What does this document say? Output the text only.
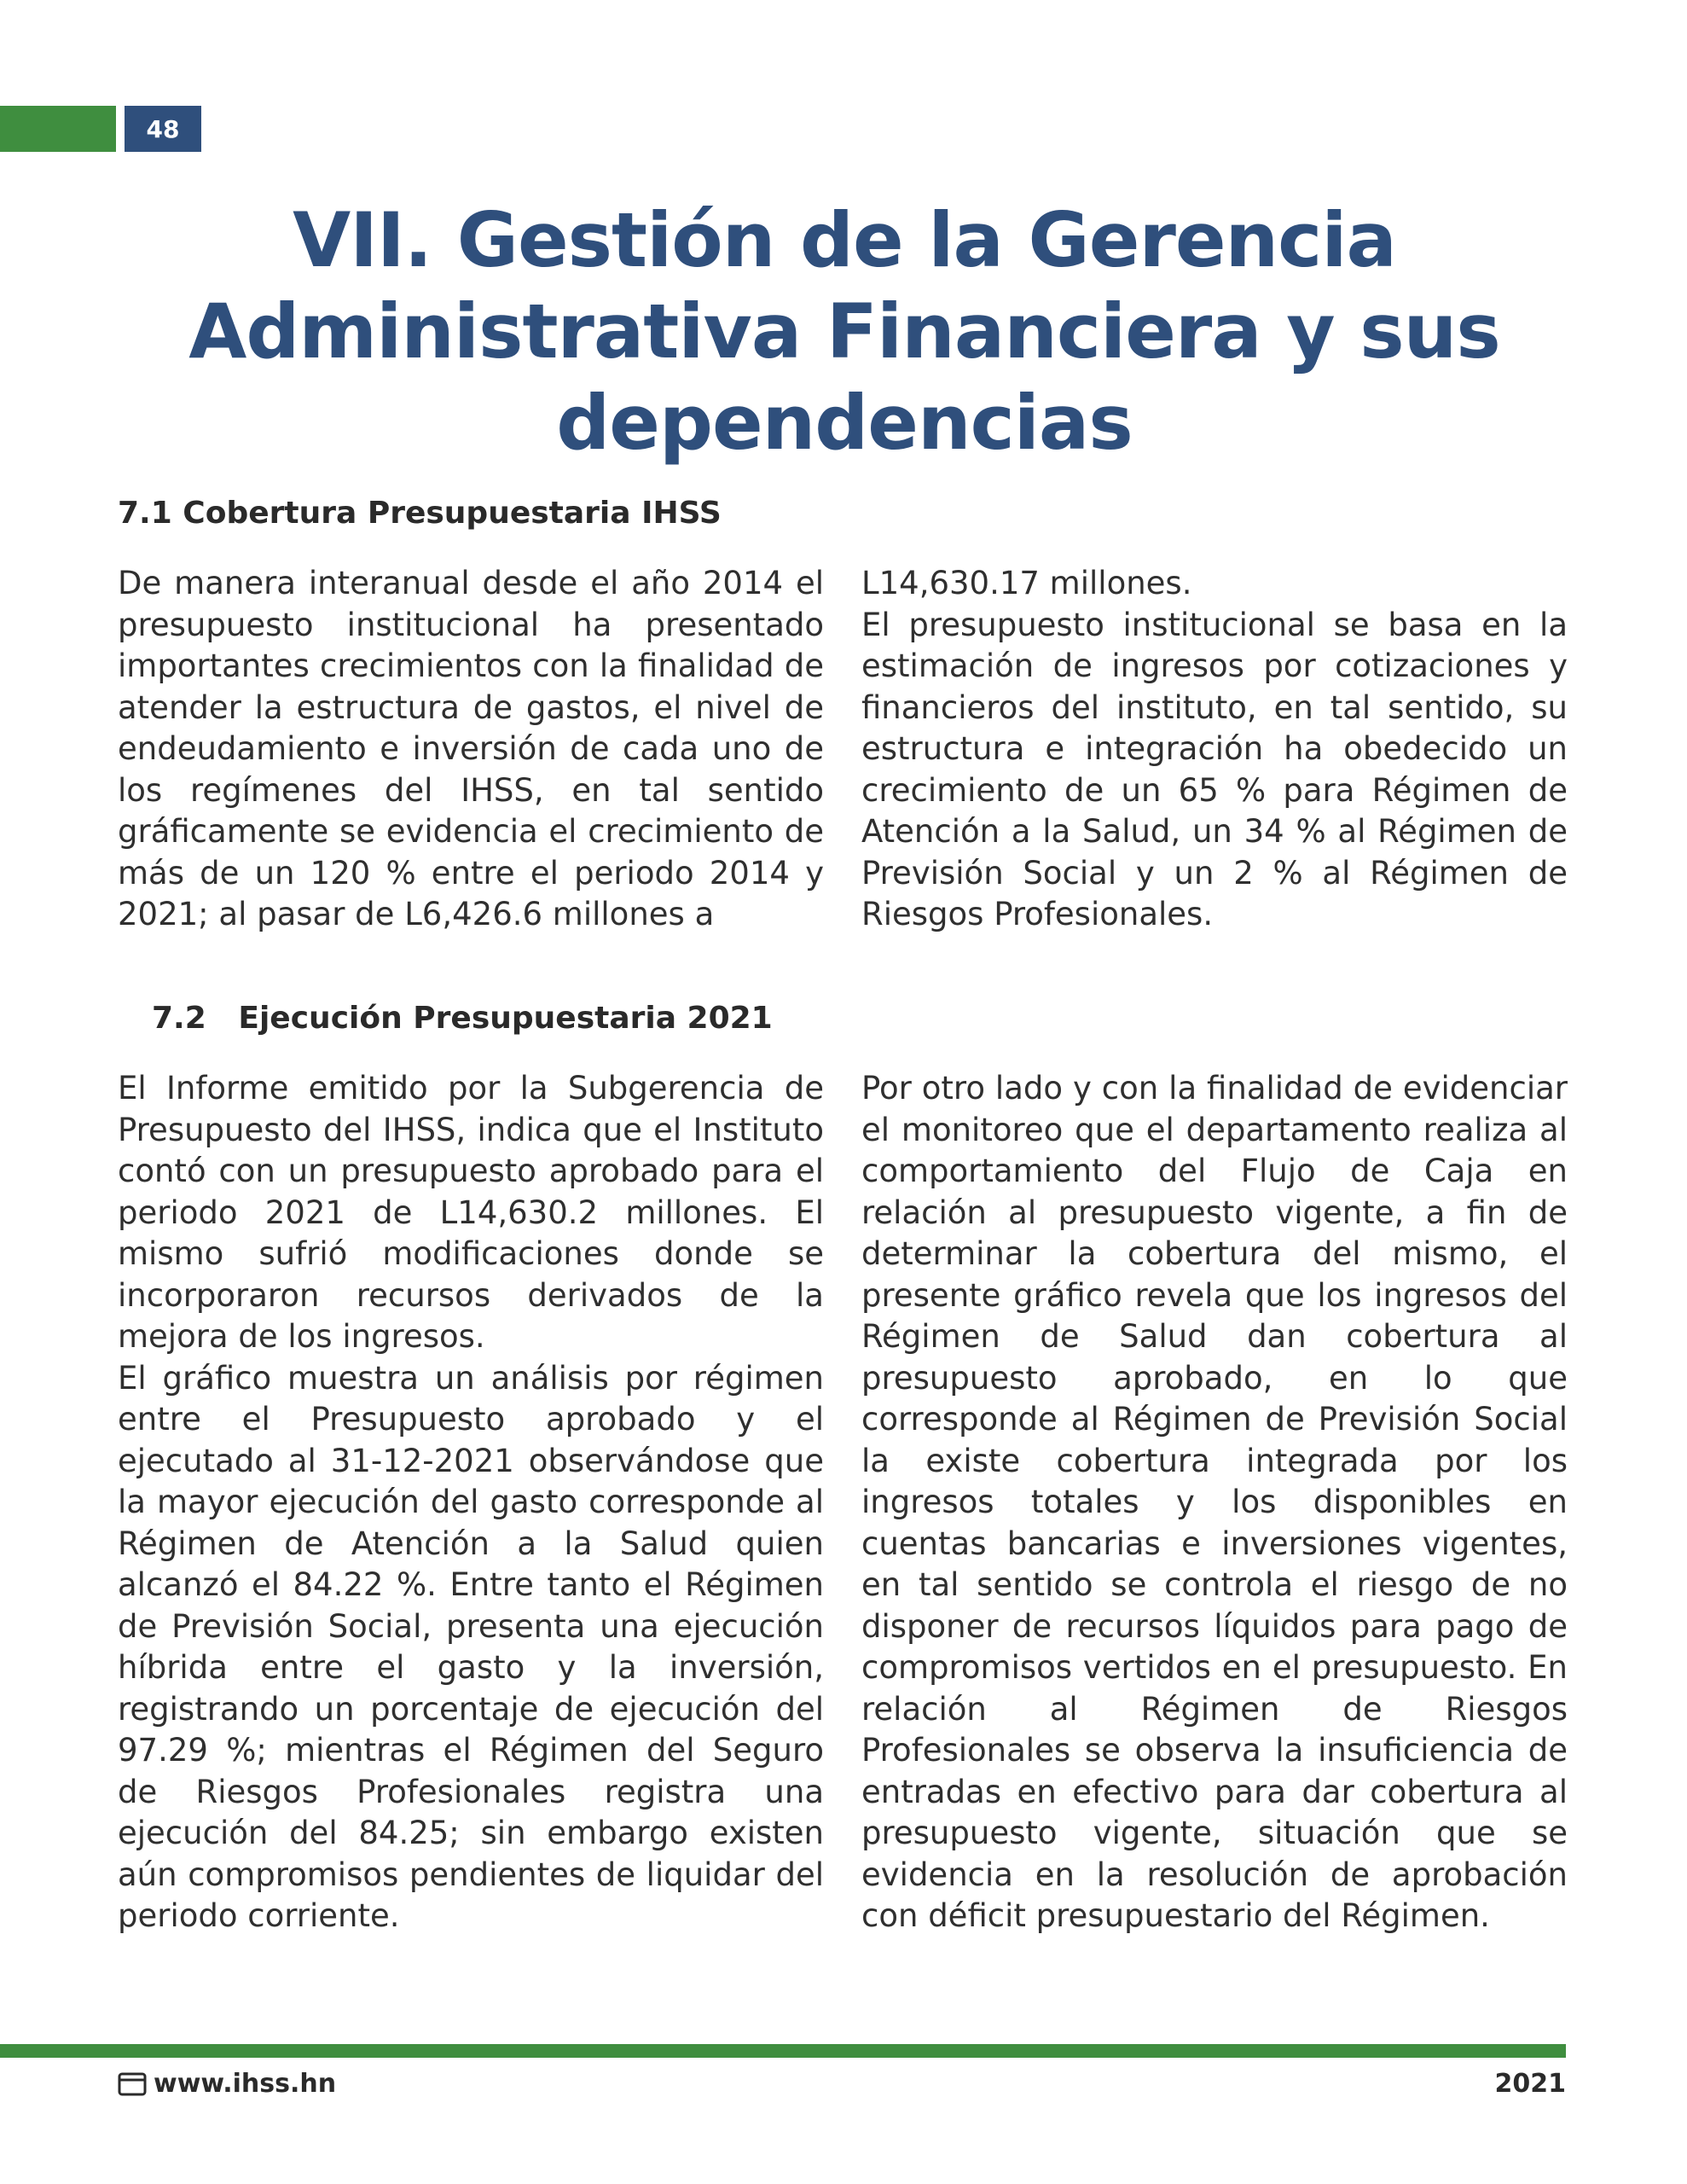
48
VII. Gestión de la Gerencia
Administrativa Financiera y sus
dependencias
7.1 Cobertura Presupuestaria IHSS

De manera interanual desde el año 2014 el presupuesto institucional ha presentado importantes crecimientos con la finalidad de atender la estructura de gastos, el nivel de endeudamiento e inversión de cada uno de los regímenes del IHSS, en tal sentido gráficamente se evidencia el crecimiento de más de un 120 % entre el periodo 2014 y 2021; al pasar de L6,426.6 millones a

L14,630.17 millones.

El presupuesto institucional se basa en la estimación de ingresos por cotizaciones y financieros del instituto, en tal sentido, su estructura e integración ha obedecido un crecimiento de un 65 % para Régimen de Atención a la Salud, un 34 % al Régimen de Previsión Social y un 2 % al Régimen de Riesgos Profesionales.

7.2   Ejecución Presupuestaria 2021

El Informe emitido por la Subgerencia de Presupuesto del IHSS, indica que el Instituto contó con un presupuesto aprobado para el periodo 2021 de L14,630.2 millones. El mismo sufrió modificaciones donde se incorporaron recursos derivados de la mejora de los ingresos.

El gráfico muestra un análisis por régimen entre el Presupuesto aprobado y el ejecutado al 31-12-2021 observándose que la mayor ejecución del gasto corresponde al Régimen de Atención a la Salud quien alcanzó el 84.22 %. Entre tanto el Régimen de Previsión Social, presenta una ejecución híbrida entre el gasto y la inversión, registrando un porcentaje de ejecución del 97.29 %; mientras el Régimen del Seguro de Riesgos Profesionales registra una ejecución del 84.25; sin embargo existen aún compromisos pendientes de liquidar del periodo corriente.

Por otro lado y con la finalidad de evidenciar el monitoreo que el departamento realiza al comportamiento del Flujo de Caja en relación al presupuesto vigente, a fin de determinar la cobertura del mismo, el presente gráfico revela que los ingresos del Régimen de Salud dan cobertura al presupuesto aprobado, en lo que corresponde al Régimen de Previsión Social la existe cobertura integrada por los ingresos totales y los disponibles en cuentas bancarias e inversiones vigentes, en tal sentido se controla el riesgo de no disponer de recursos líquidos para pago de compromisos vertidos en el presupuesto. En relación al Régimen de Riesgos Profesionales se observa la insuficiencia de entradas en efectivo para dar cobertura al presupuesto vigente, situación que se evidencia en la resolución de aprobación con déficit presupuestario del Régimen.

www.ihss.hn	2021
